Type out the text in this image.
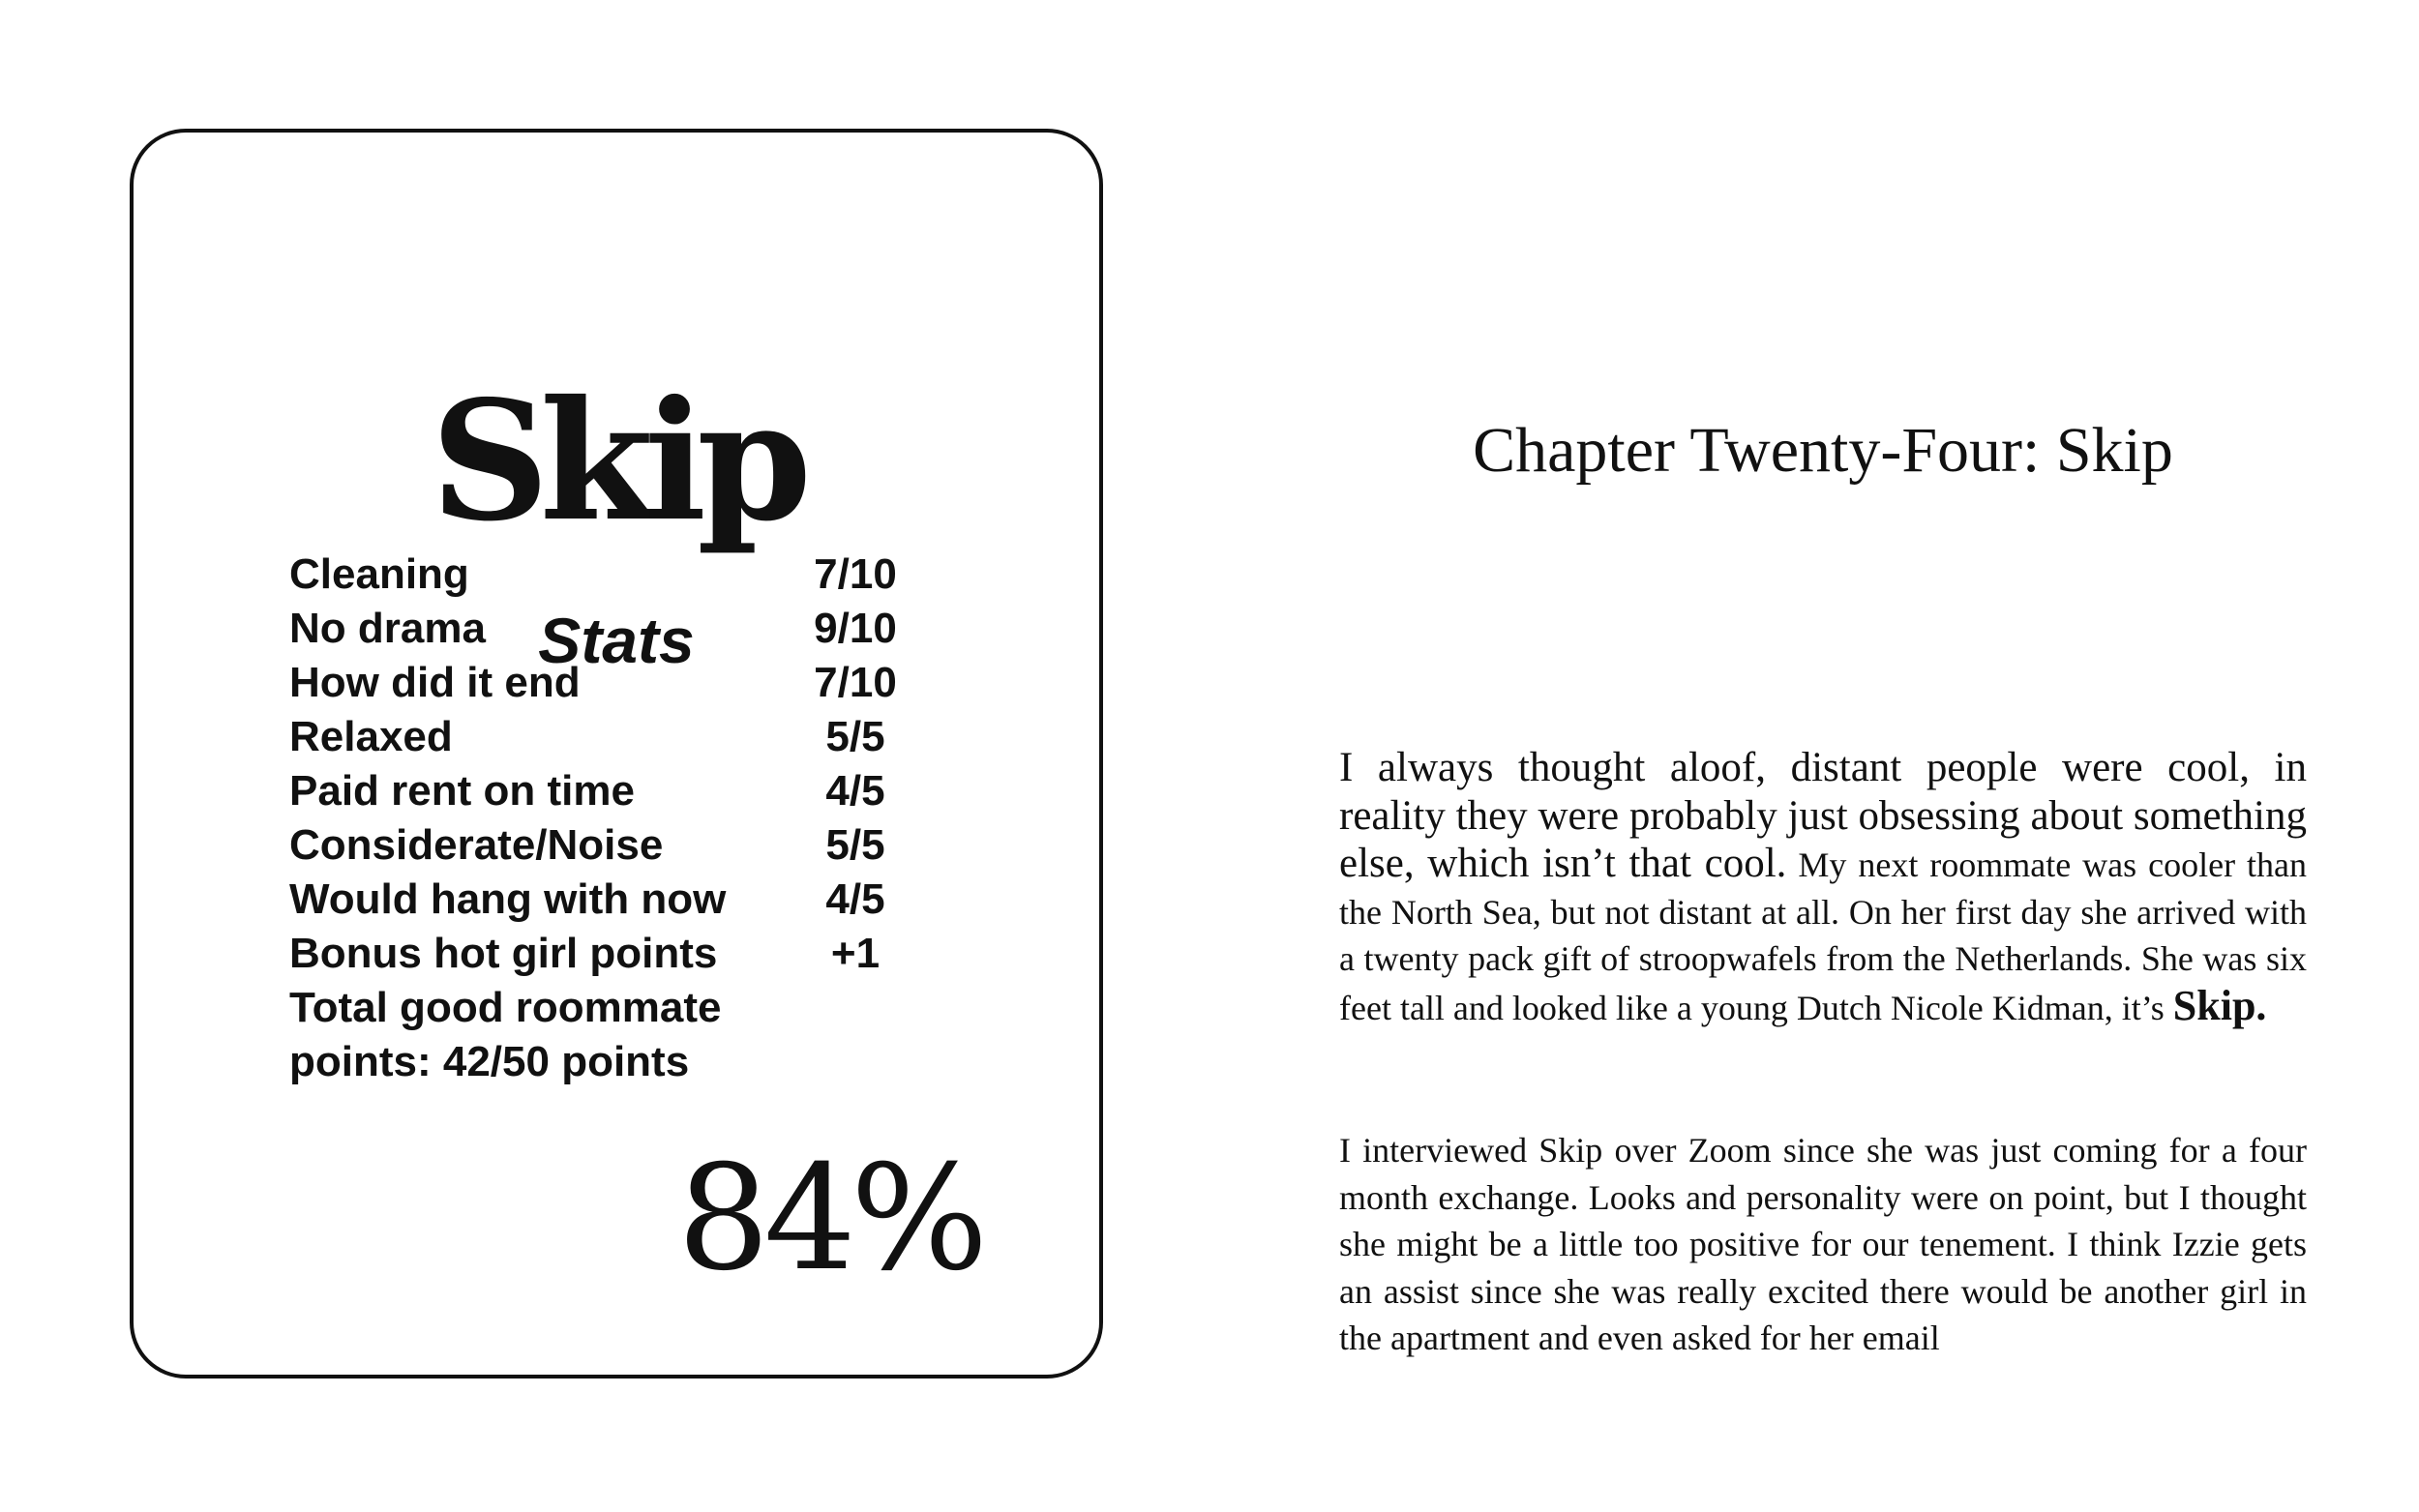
Skip
Stats
Cleaning	7/10
No drama	9/10
How did it end	7/10
Relaxed	5/5
Paid rent on time	4/5
Considerate/Noise	5/5
Would hang with now	4/5
Bonus hot girl points	+1

Total good roommate
points: 42/50 points

84%

Chapter Twenty-Four: Skip

I always thought aloof, distant people were cool, in reality they were probably just obsessing about something else, which isn’t that cool. My next roommate was cooler than the North Sea, but not distant at all. On her first day she arrived with a twenty pack gift of stroopwafels from the Netherlands. She was six feet tall and looked like a young Dutch Nicole Kidman, it’s Skip.

I interviewed Skip over Zoom since she was just coming for a four month exchange. Looks and personality were on point, but I thought she might be a little too positive for our tenement. I think Izzie gets an assist since she was really excited there would be another girl in the apartment and even asked for her email
